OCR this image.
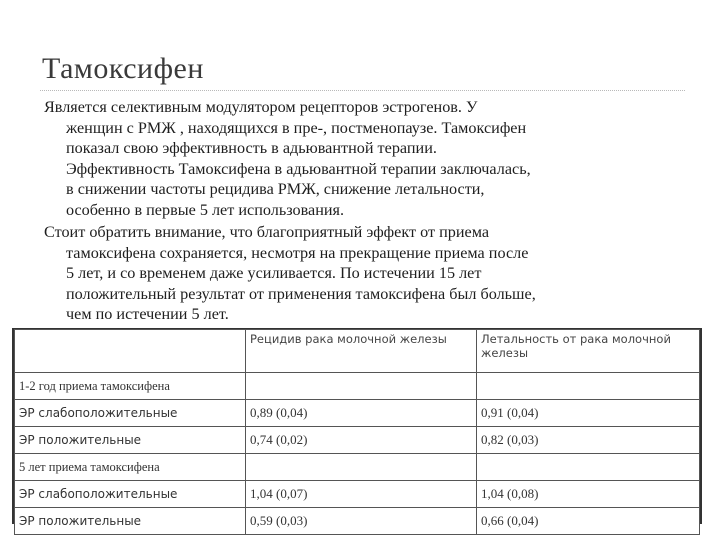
Тамоксифен
Является селективным модулятором рецепторов эстрогенов. У
женщин с РМЖ , находящихся в пре-, постменопаузе. Тамоксифен
показал свою эффективность в адьювантной терапии.
Эффективность Тамоксифена в адьювантной терапии заключалась,
в снижении частоты рецидива РМЖ, снижение летальности,
особенно в первые 5 лет использования.
Стоит обратить внимание, что благоприятный эффект от приема
тамоксифена сохраняется, несмотря на прекращение приема после
5 лет, и со временем даже усиливается. По истечении 15 лет
положительный результат от применения тамоксифена был больше,
чем по истечении 5 лет.
	Рецидив рака молочной железы	Летальность от рака молочной железы
1-2 год приема тамоксифена		
ЭР слабоположительные	0,89 (0,04)	0,91 (0,04)
ЭР положительные	0,74 (0,02)	0,82 (0,03)
5 лет приема тамоксифена		
ЭР слабоположительные	1,04 (0,07)	1,04 (0,08)
ЭР положительные	0,59 (0,03)	0,66 (0,04)
